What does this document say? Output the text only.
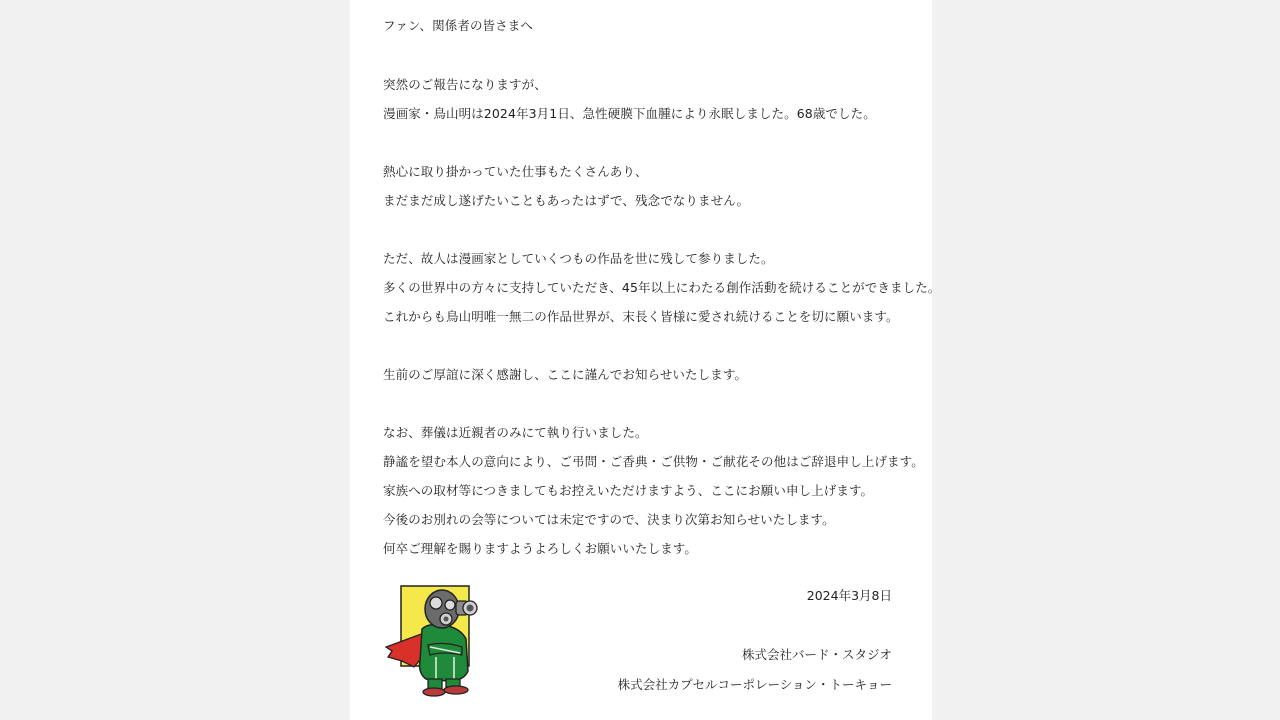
ファン、関係者の皆さまへ
突然のご報告になりますが、
漫画家・鳥山明は2024年3月1日、急性硬膜下血腫により永眠しました。68歳でした。
熱心に取り掛かっていた仕事もたくさんあり、
まだまだ成し遂げたいこともあったはずで、残念でなりません。
ただ、故人は漫画家としていくつもの作品を世に残して参りました。
多くの世界中の方々に支持していただき、45年以上にわたる創作活動を続けることができました。
これからも鳥山明唯一無二の作品世界が、末長く皆様に愛され続けることを切に願います。
生前のご厚誼に深く感謝し、ここに謹んでお知らせいたします。
なお、葬儀は近親者のみにて執り行いました。
静謐を望む本人の意向により、ご弔問・ご香典・ご供物・ご献花その他はご辞退申し上げます。
家族への取材等につきましてもお控えいただけますよう、ここにお願い申し上げます。
今後のお別れの会等については未定ですので、決まり次第お知らせいたします。
何卒ご理解を賜りますようよろしくお願いいたします。
2024年3月8日
株式会社バード・スタジオ
株式会社カプセルコーポレーション・トーキョー
